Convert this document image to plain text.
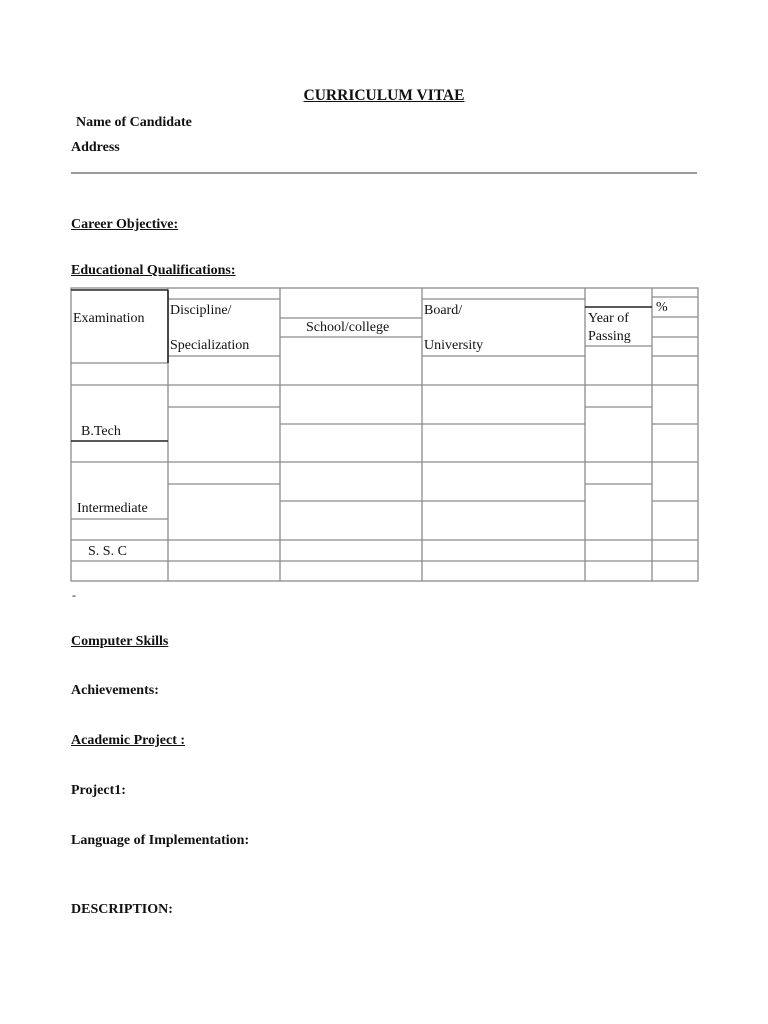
CURRICULUM VITAE
Name of Candidate
Address
Career Objective:
Educational Qualifications:
Examination
Discipline/
Specialization
School/college
Board/
University
Year of
Passing
%
B.Tech
Intermediate
S. S. C
-
Computer Skills
Achievements:
Academic Project :
Project1:
Language of Implementation:
DESCRIPTION:
